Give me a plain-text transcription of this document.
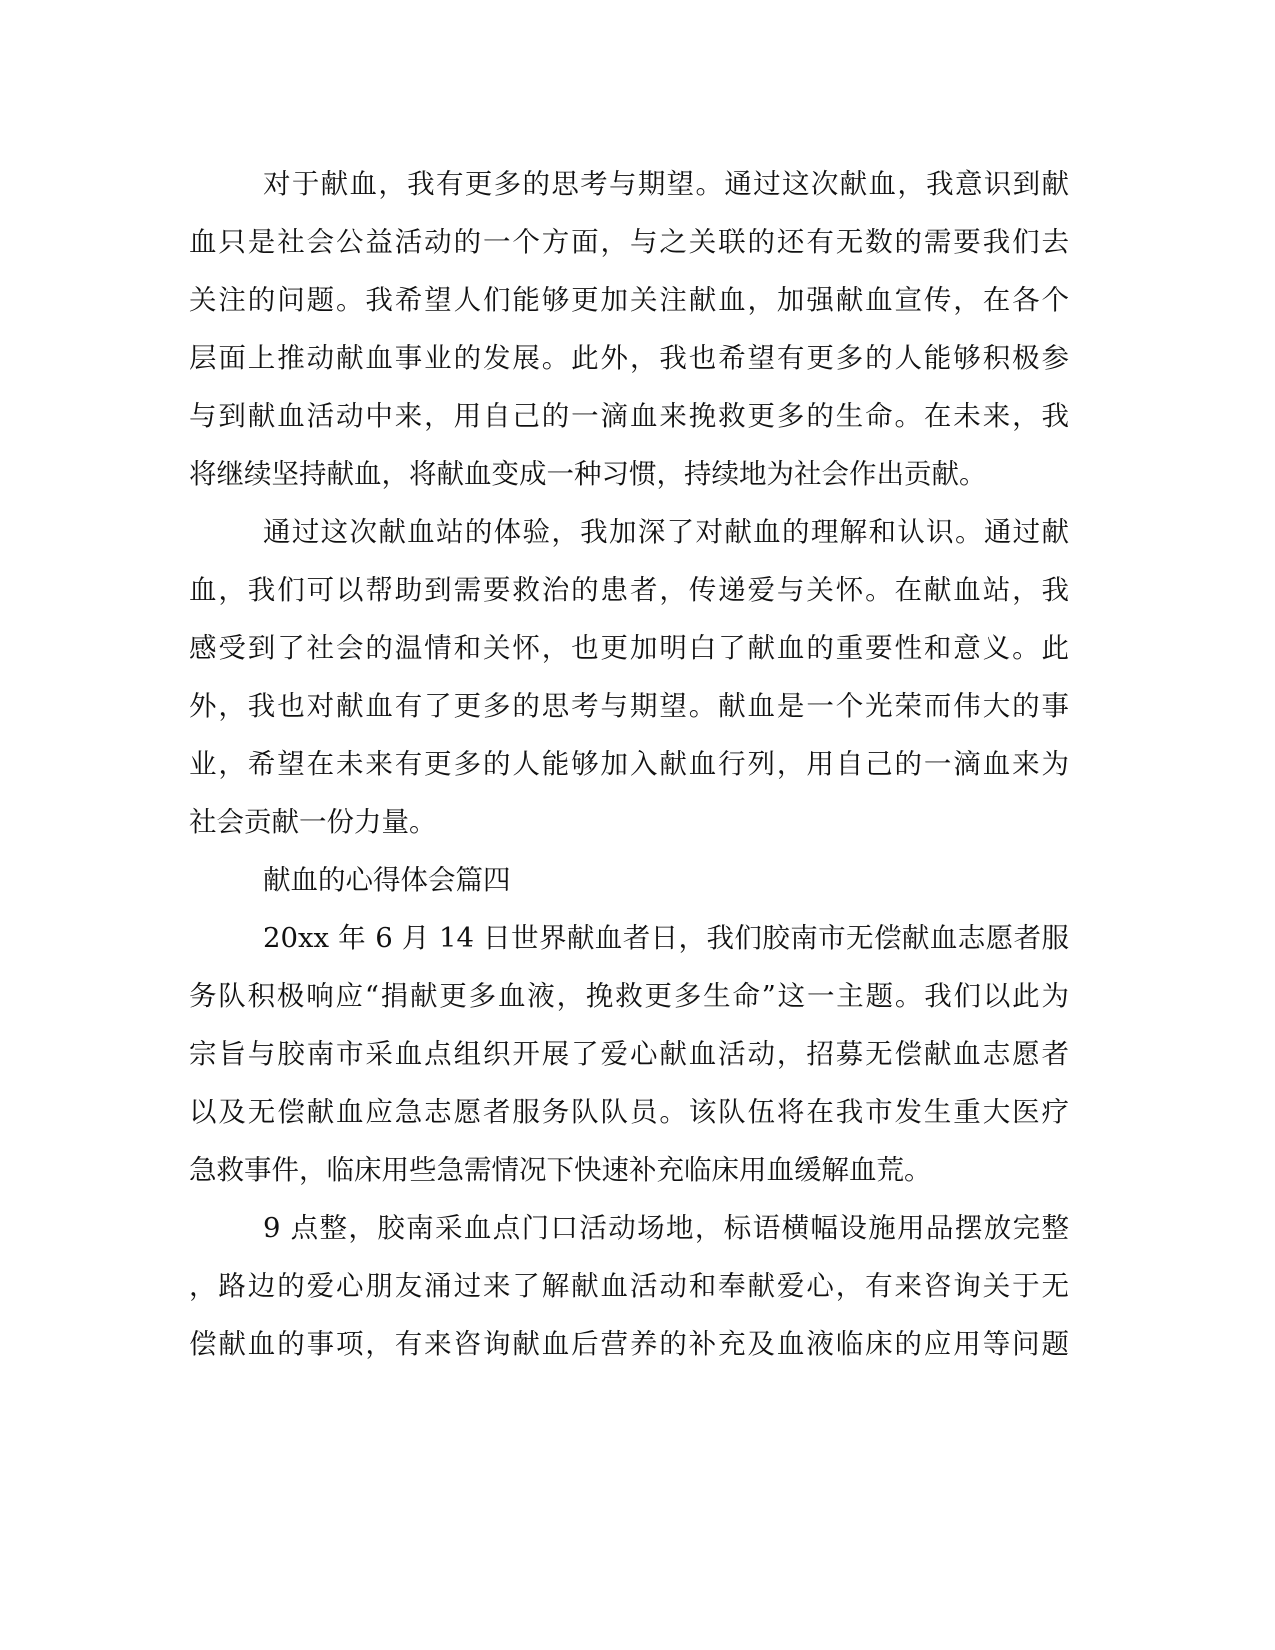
对于献血，我有更多的思考与期望。通过这次献血，我意识到献
血只是社会公益活动的一个方面，与之关联的还有无数的需要我们去
关注的问题。我希望人们能够更加关注献血，加强献血宣传，在各个
层面上推动献血事业的发展。此外，我也希望有更多的人能够积极参
与到献血活动中来，用自己的一滴血来挽救更多的生命。在未来，我
将继续坚持献血，将献血变成一种习惯，持续地为社会作出贡献。
通过这次献血站的体验，我加深了对献血的理解和认识。通过献
血，我们可以帮助到需要救治的患者，传递爱与关怀。在献血站，我
感受到了社会的温情和关怀，也更加明白了献血的重要性和意义。此
外，我也对献血有了更多的思考与期望。献血是一个光荣而伟大的事
业，希望在未来有更多的人能够加入献血行列，用自己的一滴血来为
社会贡献一份力量。
献血的心得体会篇四
20xx 年 6 月 14 日世界献血者日，我们胶南市无偿献血志愿者服
务队积极响应“捐献更多血液，挽救更多生命”这一主题。我们以此为
宗旨与胶南市采血点组织开展了爱心献血活动，招募无偿献血志愿者
以及无偿献血应急志愿者服务队队员。该队伍将在我市发生重大医疗
急救事件，临床用些急需情况下快速补充临床用血缓解血荒。
9 点整，胶南采血点门口活动场地，标语横幅设施用品摆放完整
，路边的爱心朋友涌过来了解献血活动和奉献爱心，有来咨询关于无
偿献血的事项，有来咨询献血后营养的补充及血液临床的应用等问题
